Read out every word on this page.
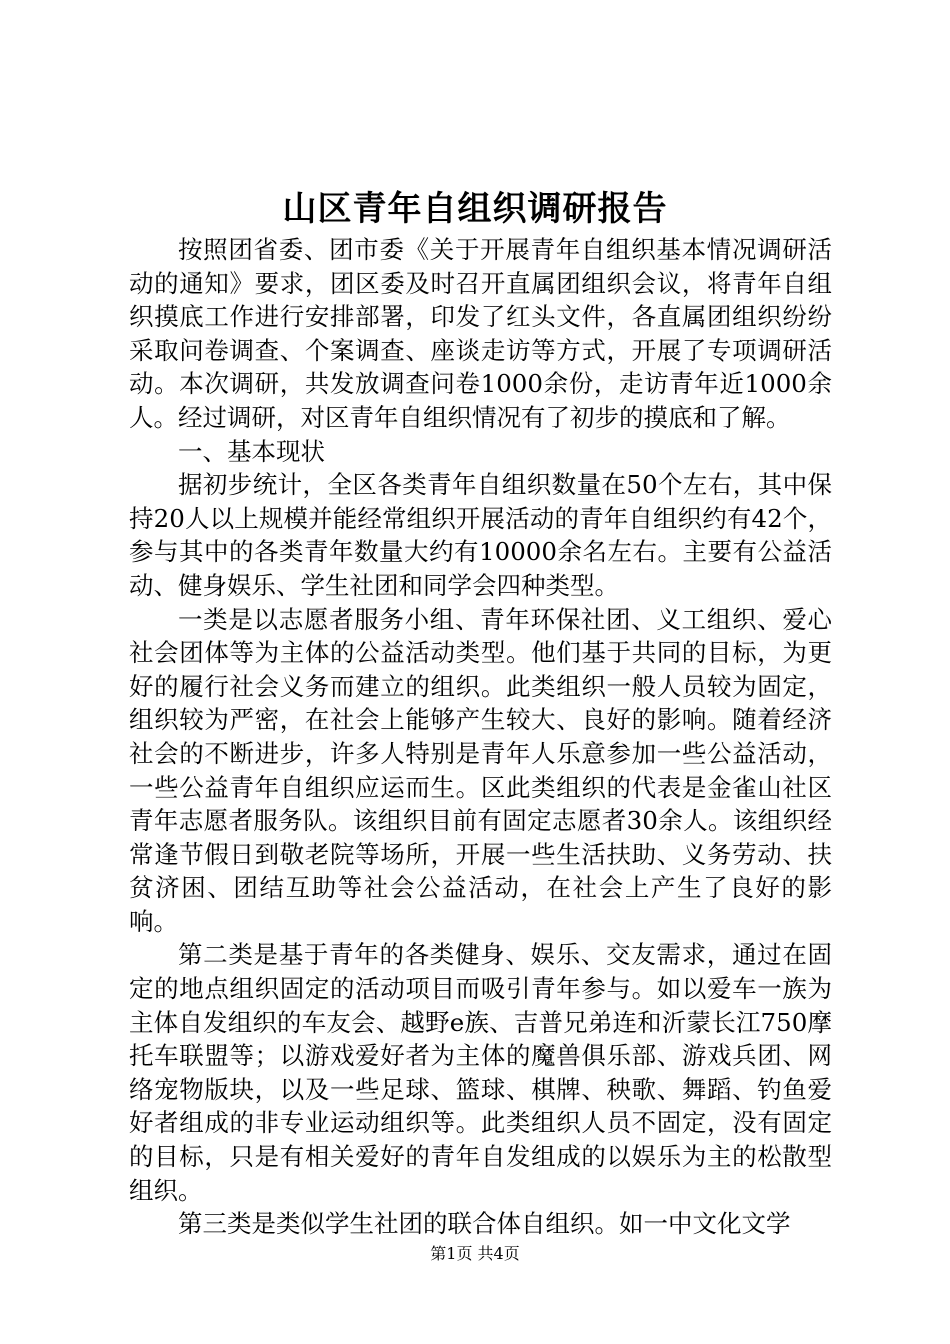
山区青年自组织调研报告

按照团省委、团市委《关于开展青年自组织基本情况调研活动的通知》要求，团区委及时召开直属团组织会议，将青年自组织摸底工作进行安排部署，印发了红头文件，各直属团组织纷纷采取问卷调查、个案调查、座谈走访等方式，开展了专项调研活动。本次调研，共发放调查问卷1000余份，走访青年近1000余人。经过调研，对区青年自组织情况有了初步的摸底和了解。

一、基本现状

据初步统计，全区各类青年自组织数量在50个左右，其中保持20人以上规模并能经常组织开展活动的青年自组织约有42个，参与其中的各类青年数量大约有10000余名左右。主要有公益活动、健身娱乐、学生社团和同学会四种类型。

一类是以志愿者服务小组、青年环保社团、义工组织、爱心社会团体等为主体的公益活动类型。他们基于共同的目标，为更好的履行社会义务而建立的组织。此类组织一般人员较为固定，组织较为严密，在社会上能够产生较大、良好的影响。随着经济社会的不断进步，许多人特别是青年人乐意参加一些公益活动，一些公益青年自组织应运而生。区此类组织的代表是金雀山社区青年志愿者服务队。该组织目前有固定志愿者30余人。该组织经常逢节假日到敬老院等场所，开展一些生活扶助、义务劳动、扶贫济困、团结互助等社会公益活动，在社会上产生了良好的影响。

第二类是基于青年的各类健身、娱乐、交友需求，通过在固定的地点组织固定的活动项目而吸引青年参与。如以爱车一族为主体自发组织的车友会、越野e族、吉普兄弟连和沂蒙长江750摩托车联盟等；以游戏爱好者为主体的魔兽俱乐部、游戏兵团、网络宠物版块，以及一些足球、篮球、棋牌、秧歌、舞蹈、钓鱼爱好者组成的非专业运动组织等。此类组织人员不固定，没有固定的目标，只是有相关爱好的青年自发组成的以娱乐为主的松散型组织。

第三类是类似学生社团的联合体自组织。如一中文化文学

第1页 共4页
